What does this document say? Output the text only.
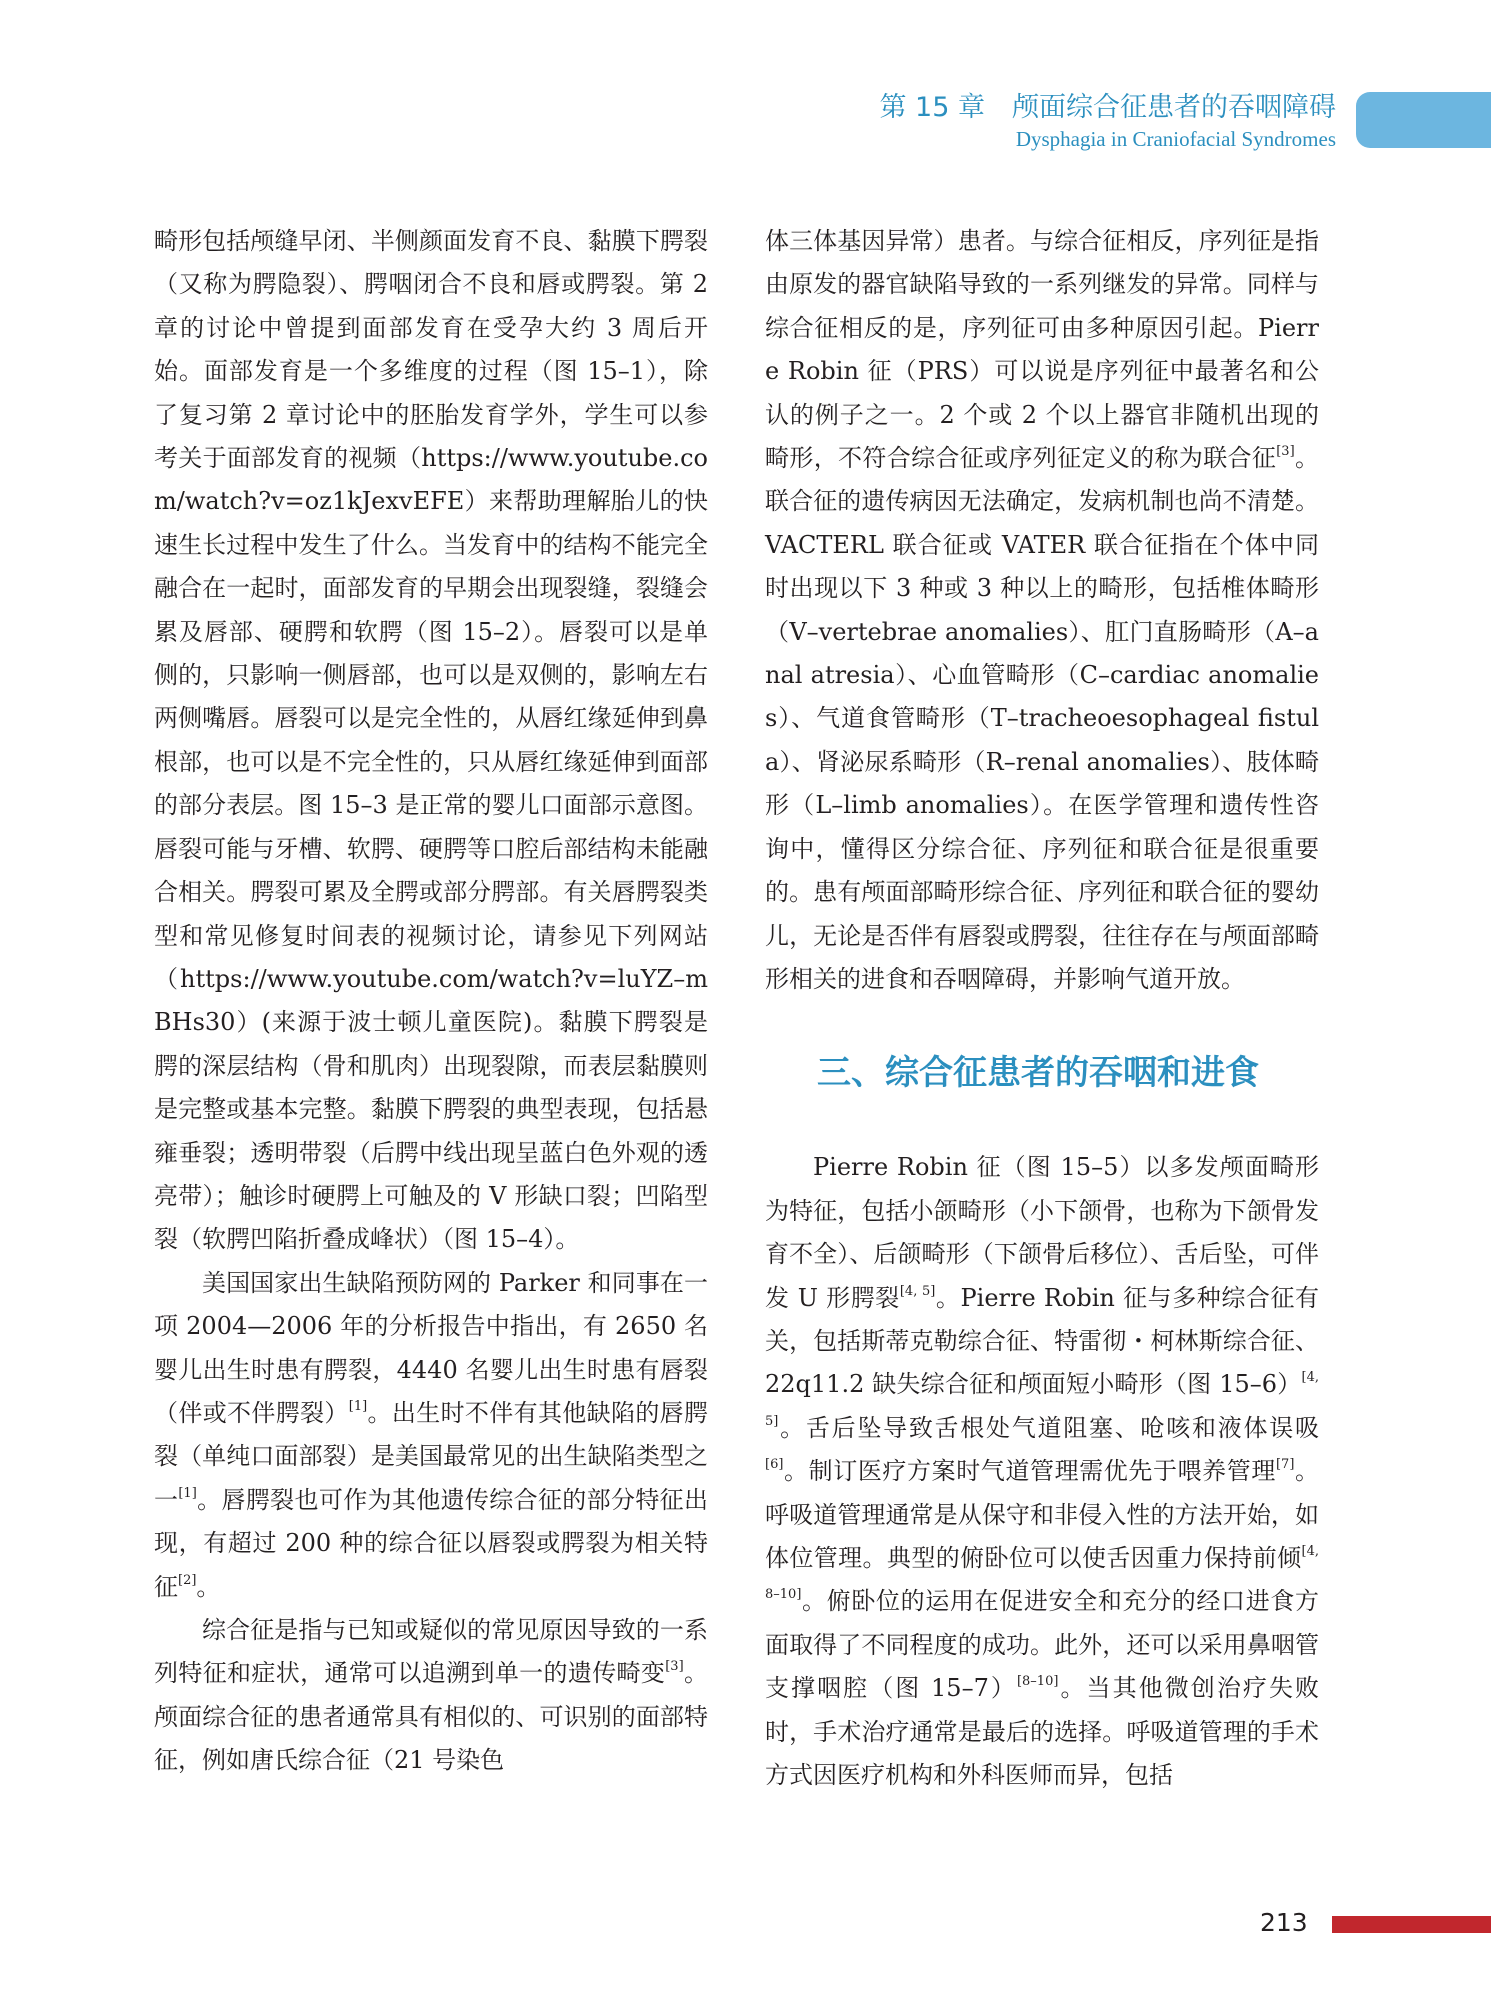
第 15 章　颅面综合征患者的吞咽障碍
Dysphagia in Craniofacial Syndromes

畸形包括颅缝早闭、半侧颜面发育不良、黏膜下腭裂（又称为腭隐裂）、腭咽闭合不良和唇或腭裂。第 2 章的讨论中曾提到面部发育在受孕大约 3 周后开始。面部发育是一个多维度的过程（图 15–1），除了复习第 2 章讨论中的胚胎发育学外，学生可以参考关于面部发育的视频（https://www.youtube.com/watch?v=oz1kJexvEFE）来帮助理解胎儿的快速生长过程中发生了什么。当发育中的结构不能完全融合在一起时，面部发育的早期会出现裂缝，裂缝会累及唇部、硬腭和软腭（图 15–2）。唇裂可以是单侧的，只影响一侧唇部，也可以是双侧的，影响左右两侧嘴唇。唇裂可以是完全性的，从唇红缘延伸到鼻根部，也可以是不完全性的，只从唇红缘延伸到面部的部分表层。图 15–3 是正常的婴儿口面部示意图。唇裂可能与牙槽、软腭、硬腭等口腔后部结构未能融合相关。腭裂可累及全腭或部分腭部。有关唇腭裂类型和常见修复时间表的视频讨论，请参见下列网站（https://www.youtube.com/watch?v=luYZ–mBHs30）(来源于波士顿儿童医院)。黏膜下腭裂是腭的深层结构（骨和肌肉）出现裂隙，而表层黏膜则是完整或基本完整。黏膜下腭裂的典型表现，包括悬雍垂裂；透明带裂（后腭中线出现呈蓝白色外观的透亮带）；触诊时硬腭上可触及的 V 形缺口裂；凹陷型裂（软腭凹陷折叠成峰状）（图 15–4）。

美国国家出生缺陷预防网的 Parker 和同事在一项 2004—2006 年的分析报告中指出，有 2650 名婴儿出生时患有腭裂，4440 名婴儿出生时患有唇裂（伴或不伴腭裂）[1]。出生时不伴有其他缺陷的唇腭裂（单纯口面部裂）是美国最常见的出生缺陷类型之一[1]。唇腭裂也可作为其他遗传综合征的部分特征出现，有超过 200 种的综合征以唇裂或腭裂为相关特征[2]。

综合征是指与已知或疑似的常见原因导致的一系列特征和症状，通常可以追溯到单一的遗传畸变[3]。颅面综合征的患者通常具有相似的、可识别的面部特征，例如唐氏综合征（21 号染色

体三体基因异常）患者。与综合征相反，序列征是指由原发的器官缺陷导致的一系列继发的异常。同样与综合征相反的是，序列征可由多种原因引起。Pierre Robin 征（PRS）可以说是序列征中最著名和公认的例子之一。2 个或 2 个以上器官非随机出现的畸形，不符合综合征或序列征定义的称为联合征[3]。联合征的遗传病因无法确定，发病机制也尚不清楚。VACTERL 联合征或 VATER 联合征指在个体中同时出现以下 3 种或 3 种以上的畸形，包括椎体畸形（V–vertebrae anomalies）、肛门直肠畸形（A–anal atresia）、心血管畸形（C–cardiac anomalies）、气道食管畸形（T–tracheoesophageal fistula）、肾泌尿系畸形（R–renal anomalies）、肢体畸形（L–limb anomalies）。在医学管理和遗传性咨询中，懂得区分综合征、序列征和联合征是很重要的。患有颅面部畸形综合征、序列征和联合征的婴幼儿，无论是否伴有唇裂或腭裂，往往存在与颅面部畸形相关的进食和吞咽障碍，并影响气道开放。

三、综合征患者的吞咽和进食

Pierre Robin 征（图 15–5）以多发颅面畸形为特征，包括小颌畸形（小下颌骨，也称为下颌骨发育不全）、后颌畸形（下颌骨后移位）、舌后坠，可伴发 U 形腭裂[4, 5]。Pierre Robin 征与多种综合征有关，包括斯蒂克勒综合征、特雷彻・柯林斯综合征、22q11.2 缺失综合征和颅面短小畸形（图 15–6）[4, 5]。舌后坠导致舌根处气道阻塞、呛咳和液体误吸[6]。制订医疗方案时气道管理需优先于喂养管理[7]。呼吸道管理通常是从保守和非侵入性的方法开始，如体位管理。典型的俯卧位可以使舌因重力保持前倾[4, 8–10]。俯卧位的运用在促进安全和充分的经口进食方面取得了不同程度的成功。此外，还可以采用鼻咽管支撑咽腔（图 15–7）[8–10]。当其他微创治疗失败时，手术治疗通常是最后的选择。呼吸道管理的手术方式因医疗机构和外科医师而异，包括

213
